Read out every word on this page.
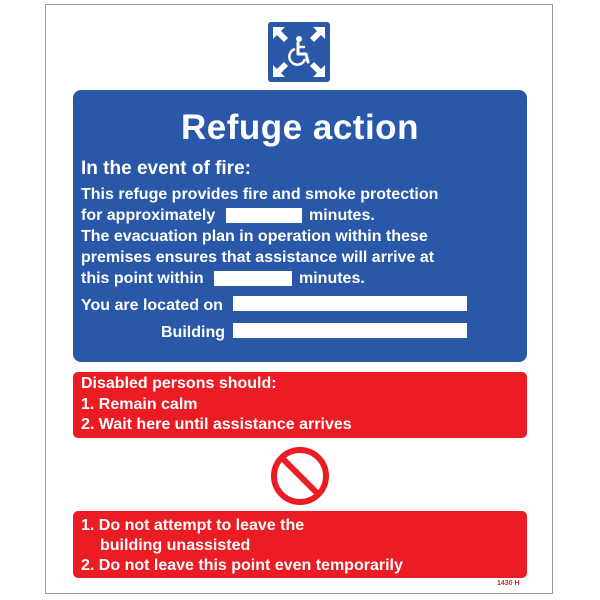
Refuge action
In the event of fire:
This refuge provides fire and smoke protection
for approximately	minutes.
The evacuation plan in operation within these
premises ensures that assistance will arrive at
this point within	minutes.
You are located on
Building
Disabled persons should:
1. Remain calm
2. Wait here until assistance arrives
1. Do not attempt to leave the
building unassisted
2. Do not leave this point even temporarily
1430 H
